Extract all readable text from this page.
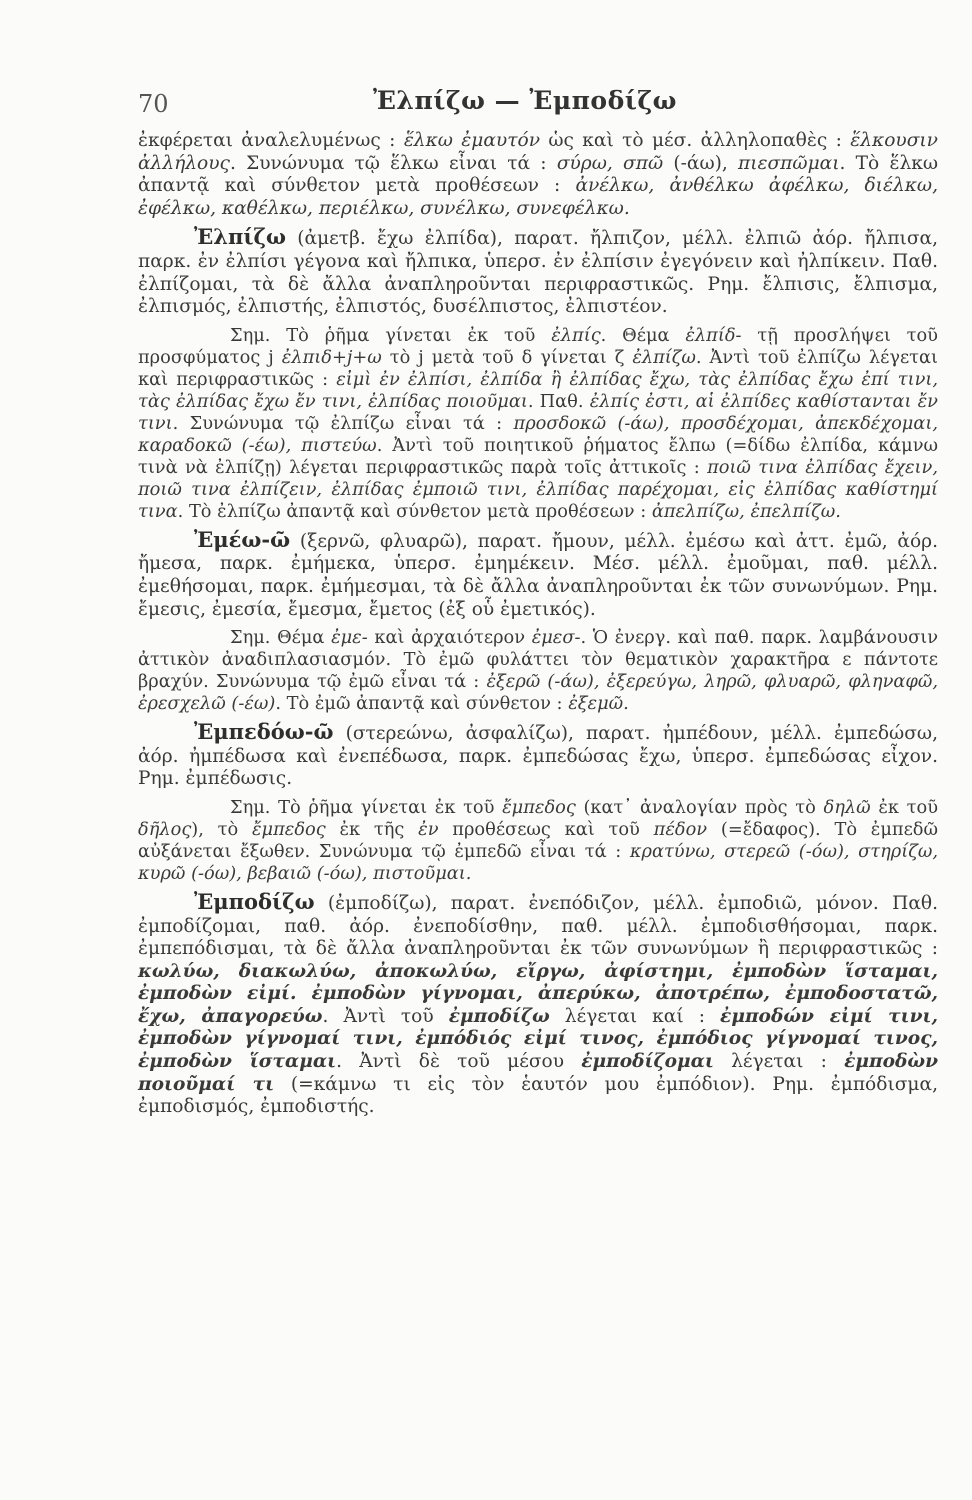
70	Ἐλπίζω — Ἐμποδίζω

ἐκφέρεται ἀναλελυμένως : ἕλκω ἐμαυτόν ὡς καὶ τὸ μέσ. ἀλληλοπαθὲς : ἕλκουσιν ἀλλήλους. Συνώνυμα τῷ ἕλκω εἶναι τά : σύρω, σπῶ (-άω), πιεσπῶμαι. Τὸ ἕλκω ἀπαντᾷ καὶ σύνθετον μετὰ προθέσεων : ἀνέλκω, ἀνθέλκω ἀφέλκω, διέλκω, ἐφέλκω, καθέλκω, περιέλκω, συνέλκω, συνεφέλκω.

Ἐλπίζω (ἀμετβ. ἔχω ἐλπίδα), παρατ. ἤλπιζον, μέλλ. ἐλπιῶ ἀόρ. ἤλπισα, παρκ. ἐν ἐλπίσι γέγονα καὶ ἤλπικα, ὑπερσ. ἐν ἐλπίσιν ἐγεγόνειν καὶ ἠλπίκειν. Παθ. ἐλπίζομαι, τὰ δὲ ἄλλα ἀναπληροῦνται περιφραστικῶς. Ρημ. ἔλπισις, ἔλπισμα, ἐλπισμός, ἐλπιστής, ἐλπιστός, δυσέλπιστος, ἐλπιστέον.

Σημ. Τὸ ῥῆμα γίνεται ἐκ τοῦ ἐλπίς. Θέμα ἐλπίδ- τῇ προσλήψει τοῦ προσφύματος j ἐλπιδ+j+ω τὸ j μετὰ τοῦ δ γίνεται ζ ἐλπίζω. Ἀντὶ τοῦ ἐλπίζω λέγεται καὶ περιφραστικῶς : εἰμὶ ἐν ἐλπίσι, ἐλπίδα ἢ ἐλπίδας ἔχω, τὰς ἐλπίδας ἔχω ἐπί τινι, τὰς ἐλπίδας ἔχω ἔν τινι, ἐλπίδας ποιοῦμαι. Παθ. ἐλπίς ἐστι, αἱ ἐλπίδες καθίστανται ἔν τινι. Συνώνυμα τῷ ἐλπίζω εἶναι τά : προσδοκῶ (-άω), προσδέχομαι, ἀπεκδέχομαι, καραδοκῶ (-έω), πιστεύω. Ἀντὶ τοῦ ποιητικοῦ ῥήματος ἔλπω (=δίδω ἐλπίδα, κάμνω τινὰ νὰ ἐλπίζῃ) λέγεται περιφραστικῶς παρὰ τοῖς ἀττικοῖς : ποιῶ τινα ἐλπίδας ἔχειν, ποιῶ τινα ἐλπίζειν, ἐλπίδας ἐμποιῶ τινι, ἐλπίδας παρέχομαι, εἰς ἐλπίδας καθίστημί τινα. Τὸ ἐλπίζω ἀπαντᾷ καὶ σύνθετον μετὰ προθέσεων : ἀπελπίζω, ἐπελπίζω.

Ἐμέω-ῶ (ξερνῶ, φλυαρῶ), παρατ. ἤμουν, μέλλ. ἐμέσω καὶ ἀττ. ἐμῶ, ἀόρ. ἤμεσα, παρκ. ἐμήμεκα, ὑπερσ. ἐμημέκειν. Μέσ. μέλλ. ἐμοῦμαι, παθ. μέλλ. ἐμεθήσομαι, παρκ. ἐμήμεσμαι, τὰ δὲ ἄλλα ἀναπληροῦνται ἐκ τῶν συνωνύμων. Ρημ. ἔμεσις, ἐμεσία, ἔμεσμα, ἔμετος (ἐξ οὗ ἐμετικός).

Σημ. Θέμα ἐμε- καὶ ἀρχαιότερον ἐμεσ-. Ὁ ἐνεργ. καὶ παθ. παρκ. λαμβάνουσιν ἀττικὸν ἀναδιπλασιασμόν. Τὸ ἐμῶ φυλάττει τὸν θεματικὸν χαρακτῆρα ε πάντοτε βραχύν. Συνώνυμα τῷ ἐμῶ εἶναι τά : ἐξερῶ (-άω), ἐξερεύγω, ληρῶ, φλυαρῶ, φληναφῶ, ἐρεσχελῶ (-έω). Τὸ ἐμῶ ἀπαντᾷ καὶ σύνθετον : ἐξεμῶ.

Ἐμπεδόω-ῶ (στερεώνω, ἀσφαλίζω), παρατ. ἠμπέδουν, μέλλ. ἐμπεδώσω, ἀόρ. ἠμπέδωσα καὶ ἐνεπέδωσα, παρκ. ἐμπεδώσας ἔχω, ὑπερσ. ἐμπεδώσας εἶχον. Ρημ. ἐμπέδωσις.

Σημ. Τὸ ῥῆμα γίνεται ἐκ τοῦ ἔμπεδος (κατ᾿ ἀναλογίαν πρὸς τὸ δηλῶ ἐκ τοῦ δῆλος), τὸ ἔμπεδος ἐκ τῆς ἐν προθέσεως καὶ τοῦ πέδον (=ἔδαφος). Τὸ ἐμπεδῶ αὐξάνεται ἔξωθεν. Συνώνυμα τῷ ἐμπεδῶ εἶναι τά : κρατύνω, στερεῶ (-όω), στηρίζω, κυρῶ (-όω), βεβαιῶ (-όω), πιστοῦμαι.

Ἐμποδίζω (ἐμποδίζω), παρατ. ἐνεπόδιζον, μέλλ. ἐμποδιῶ, μόνον. Παθ. ἐμποδίζομαι, παθ. ἀόρ. ἐνεποδίσθην, παθ. μέλλ. ἐμποδισθήσομαι, παρκ. ἐμπεπόδισμαι, τὰ δὲ ἄλλα ἀναπληροῦνται ἐκ τῶν συνωνύμων ἢ περιφραστικῶς : κωλύω, διακωλύω, ἀποκωλύω, εἴργω, ἀφίστημι, ἐμποδὼν ἵσταμαι, ἐμποδὼν εἰμί. ἐμποδὼν γίγνομαι, ἀπερύκω, ἀποτρέπω, ἐμποδοστατῶ, ἔχω, ἀπαγορεύω. Ἀντὶ τοῦ ἐμποδίζω λέγεται καί : ἐμποδών εἰμί τινι, ἐμποδὼν γίγνομαί τινι, ἐμπόδιός εἰμί τινος, ἐμπόδιος γίγνομαί τινος, ἐμποδὼν ἵσταμαι. Ἀντὶ δὲ τοῦ μέσου ἐμποδίζομαι λέγεται : ἐμποδὼν ποιοῦμαί τι (=κάμνω τι εἰς τὸν ἑαυτόν μου ἐμπόδιον). Ρημ. ἐμπόδισμα, ἐμποδισμός, ἐμποδιστής.
